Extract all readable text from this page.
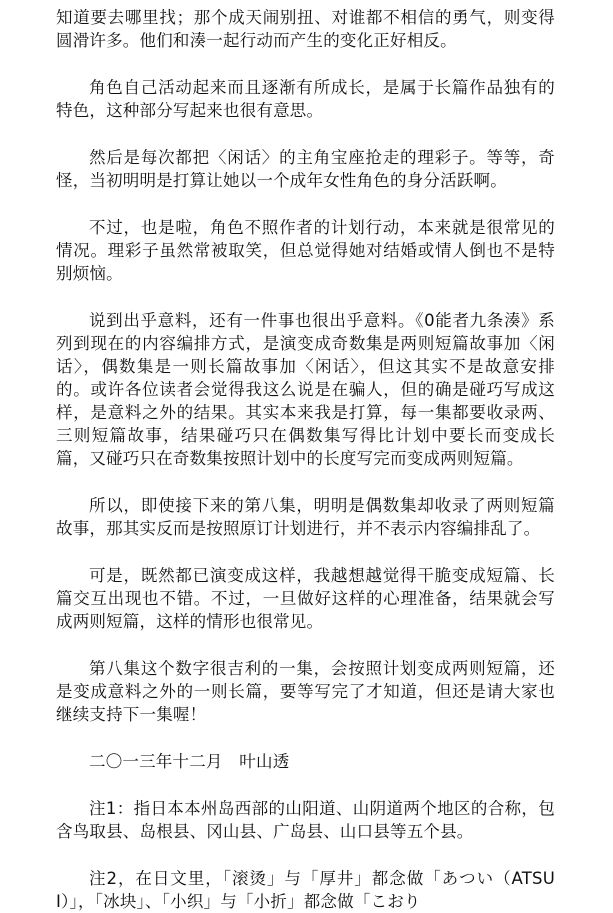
知道要去哪里找；那个成天闹别扭、对谁都不相信的勇气，则变得圆滑许多。他们和湊一起行动而产生的变化正好相反。

角色自己活动起来而且逐渐有所成长，是属于长篇作品独有的特色，这种部分写起来也很有意思。

然后是每次都把〈闲话〉的主角宝座抢走的理彩子。等等，奇怪，当初明明是打算让她以一个成年女性角色的身分活跃啊。

不过，也是啦，角色不照作者的计划行动，本来就是很常见的情况。理彩子虽然常被取笑，但总觉得她对结婚或情人倒也不是特别烦恼。

说到出乎意料，还有一件事也很出乎意料。《0能者九条湊》系列到现在的内容编排方式，是演变成奇数集是两则短篇故事加〈闲话〉，偶数集是一则长篇故事加〈闲话〉，但这其实不是故意安排的。或许各位读者会觉得我这么说是在骗人，但的确是碰巧写成这样，是意料之外的结果。其实本来我是打算，每一集都要收录两、三则短篇故事，结果碰巧只在偶数集写得比计划中要长而变成长篇，又碰巧只在奇数集按照计划中的长度写完而变成两则短篇。

所以，即使接下来的第八集，明明是偶数集却收录了两则短篇故事，那其实反而是按照原订计划进行，并不表示内容编排乱了。

可是，既然都已演变成这样，我越想越觉得干脆变成短篇、长篇交互出现也不错。不过，一旦做好这样的心理准备，结果就会写成两则短篇，这样的情形也很常见。

第八集这个数字很吉利的一集，会按照计划变成两则短篇，还是变成意料之外的一则长篇，要等写完了才知道，但还是请大家也继续支持下一集喔！

二〇一三年十二月　叶山透

注1：指日本本州岛西部的山阳道、山阴道两个地区的合称，包含鸟取县、岛根县、冈山县、广岛县、山口县等五个县。

注2，在日文里，「滚烫」与「厚井」都念做「あつい（ATSUI）」，「冰块」、「小织」与「小折」都念做「こおり
